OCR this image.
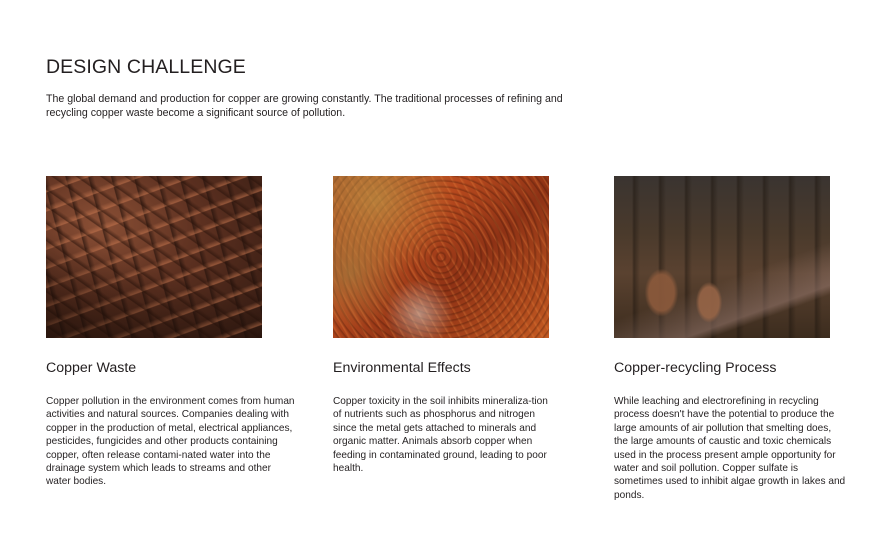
DESIGN CHALLENGE

The global demand and production for copper are growing constantly. The traditional processes of refining and recycling copper waste become a significant source of pollution.

Copper Waste

Copper pollution in the environment comes from human activities and natural sources. Companies dealing with copper in the production of metal, electrical appliances, pesticides, fungicides and other products containing copper, often release contami-nated water into the drainage system which leads to streams and other water bodies.

Environmental Effects

Copper toxicity in the soil inhibits mineraliza-tion of nutrients such as phosphorus and nitrogen since the metal gets attached to minerals and organic matter. Animals absorb copper when feeding in contaminated ground, leading to poor health.

Copper-recycling Process

While leaching and electrorefining in recycling process doesn't have the potential to produce the large amounts of air pollution that smelting does, the large amounts of caustic and toxic chemicals used in the process present ample opportunity for water and soil pollution. Copper sulfate is sometimes used to inhibit algae growth in lakes and ponds.
